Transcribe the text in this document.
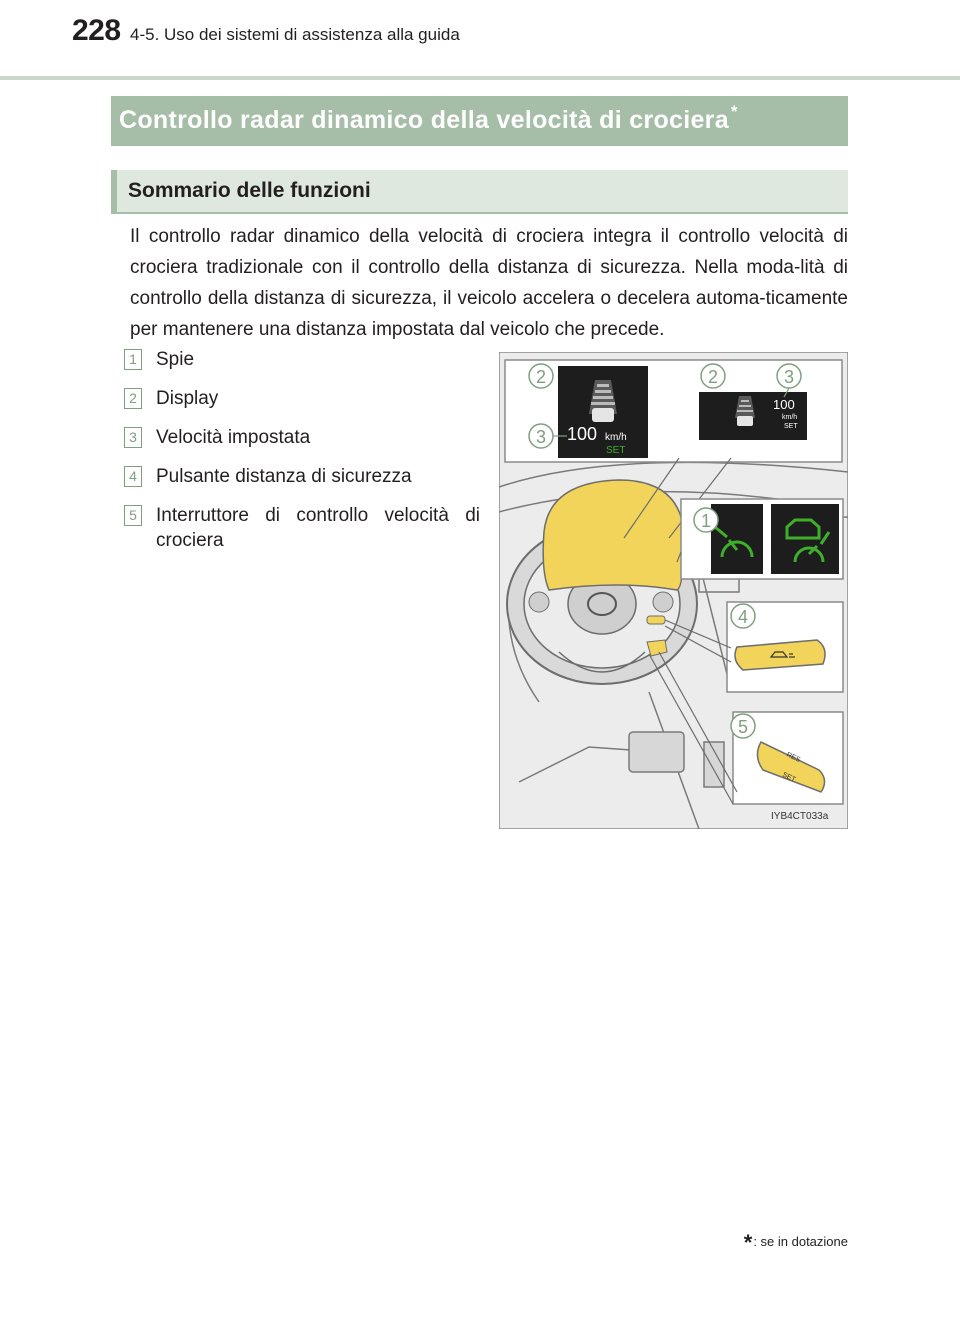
228 4-5. Uso dei sistemi di assistenza alla guida
Controllo radar dinamico della velocità di crociera *
Sommario delle funzioni
Il controllo radar dinamico della velocità di crociera integra il controllo velocità di crociera tradizionale con il controllo della distanza di sicurezza. Nella moda-lità di controllo della distanza di sicurezza, il veicolo accelera o decelera automa-ticamente per mantenere una distanza impostata dal veicolo che precede.
1 Spie
2 Display
3 Velocità impostata
4 Pulsante distanza di sicurezza
5 Interruttore di controllo velocità di crociera
100 km/h
SET
100
km/h
SET
2
3
2	3
1
4
RES
SET
5
IYB4CT033a
*: se in dotazione
